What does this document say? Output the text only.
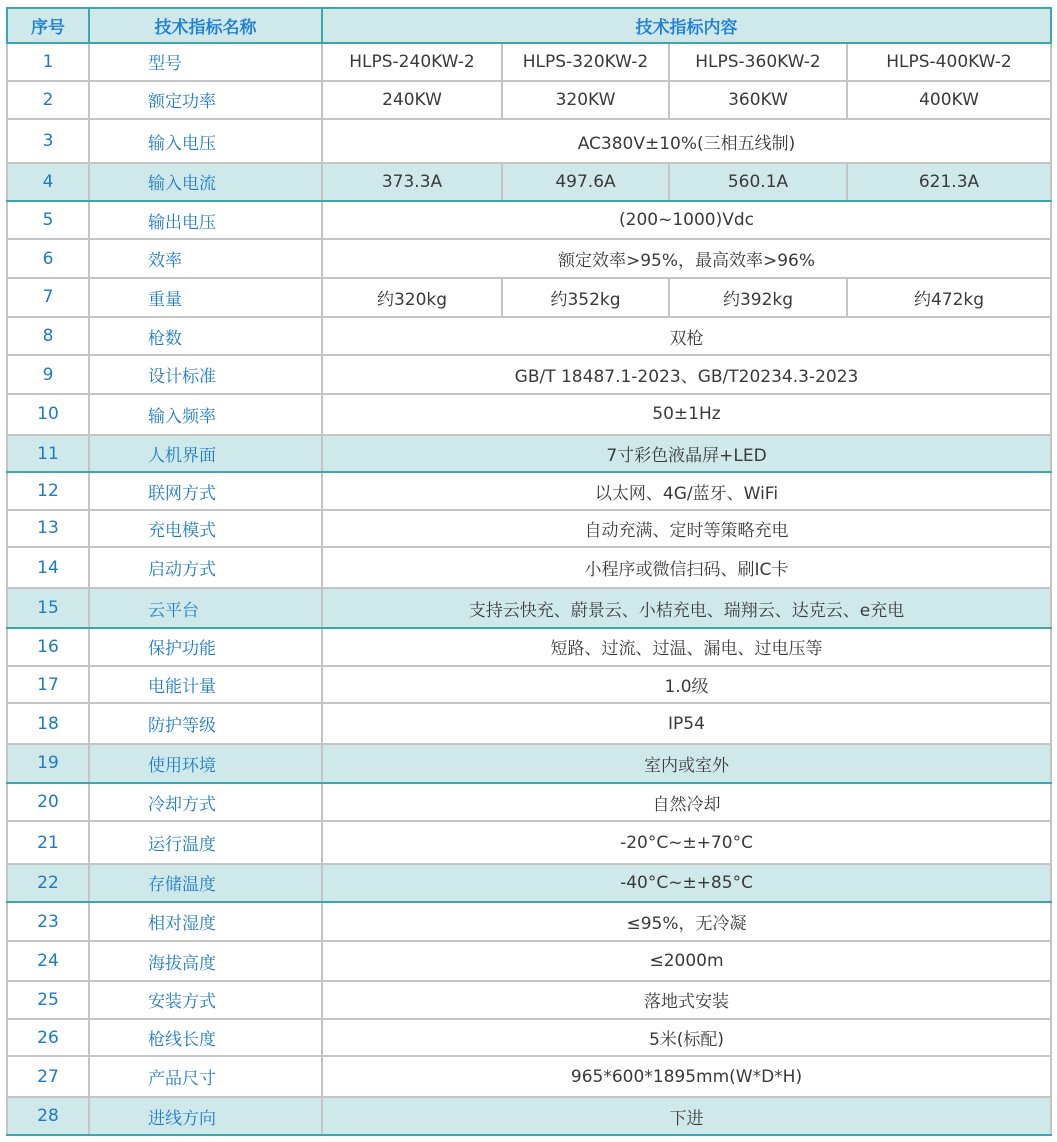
序号	技术指标名称	技术指标内容			
1	型号	HLPS-240KW-2	HLPS-320KW-2	HLPS-360KW-2	HLPS-400KW-2
2	额定功率	240KW	320KW	360KW	400KW
3	输入电压	AC380V±10%(三相五线制)			
4	输入电流	373.3A	497.6A	560.1A	621.3A
5	输出电压	(200~1000)Vdc			
6	效率	额定效率>95%，最高效率>96%			
7	重量	约320kg	约352kg	约392kg	约472kg
8	枪数	双枪			
9	设计标准	GB/T 18487.1-2023、GB/T20234.3-2023			
10	输入频率	50±1Hz			
11	人机界面	7寸彩色液晶屏+LED			
12	联网方式	以太网、4G/蓝牙、WiFi			
13	充电模式	自动充满、定时等策略充电			
14	启动方式	小程序或微信扫码、刷IC卡			
15	云平台	支持云快充、蔚景云、小桔充电、瑞翔云、达克云、e充电			
16	保护功能	短路、过流、过温、漏电、过电压等			
17	电能计量	1.0级			
18	防护等级	IP54			
19	使用环境	室内或室外			
20	冷却方式	自然冷却			
21	运行温度	-20°C~±+70°C			
22	存储温度	-40°C~±+85°C			
23	相对湿度	≤95%，无冷凝			
24	海拔高度	≤2000m			
25	安装方式	落地式安装			
26	枪线长度	5米(标配)			
27	产品尺寸	965*600*1895mm(W*D*H)			
28	进线方向	下进			
